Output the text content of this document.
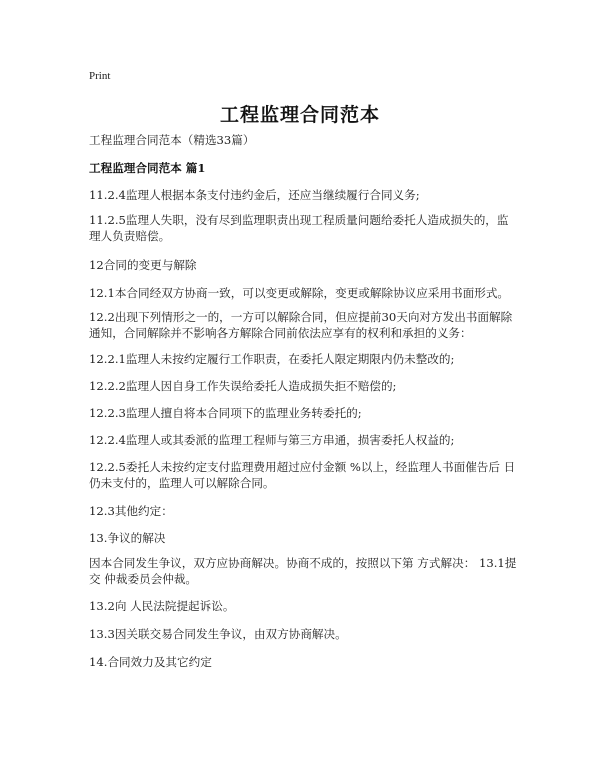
Print
工程监理合同范本

工程监理合同范本（精选33篇）

工程监理合同范本 篇1

11.2.4监理人根据本条支付违约金后，还应当继续履行合同义务;

11.2.5监理人失职，没有尽到监理职责出现工程质量问题给委托人造成损失的，监理人负责赔偿。

12合同的变更与解除

12.1本合同经双方协商一致，可以变更或解除，变更或解除协议应采用书面形式。

12.2出现下列情形之一的，一方可以解除合同，但应提前30天向对方发出书面解除通知，合同解除并不影响各方解除合同前依法应享有的权利和承担的义务：

12.2.1监理人未按约定履行工作职责，在委托人限定期限内仍未整改的;

12.2.2监理人因自身工作失误给委托人造成损失拒不赔偿的;

12.2.3监理人擅自将本合同项下的监理业务转委托的;

12.2.4监理人或其委派的监理工程师与第三方串通，损害委托人权益的;

12.2.5委托人未按约定支付监理费用超过应付金额 %以上，经监理人书面催告后 日仍未支付的，监理人可以解除合同。

12.3其他约定：

13.争议的解决

因本合同发生争议，双方应协商解决。协商不成的，按照以下第 方式解决： 13.1提交 仲裁委员会仲裁。

13.2向 人民法院提起诉讼。

13.3因关联交易合同发生争议，由双方协商解决。

14.合同效力及其它约定
